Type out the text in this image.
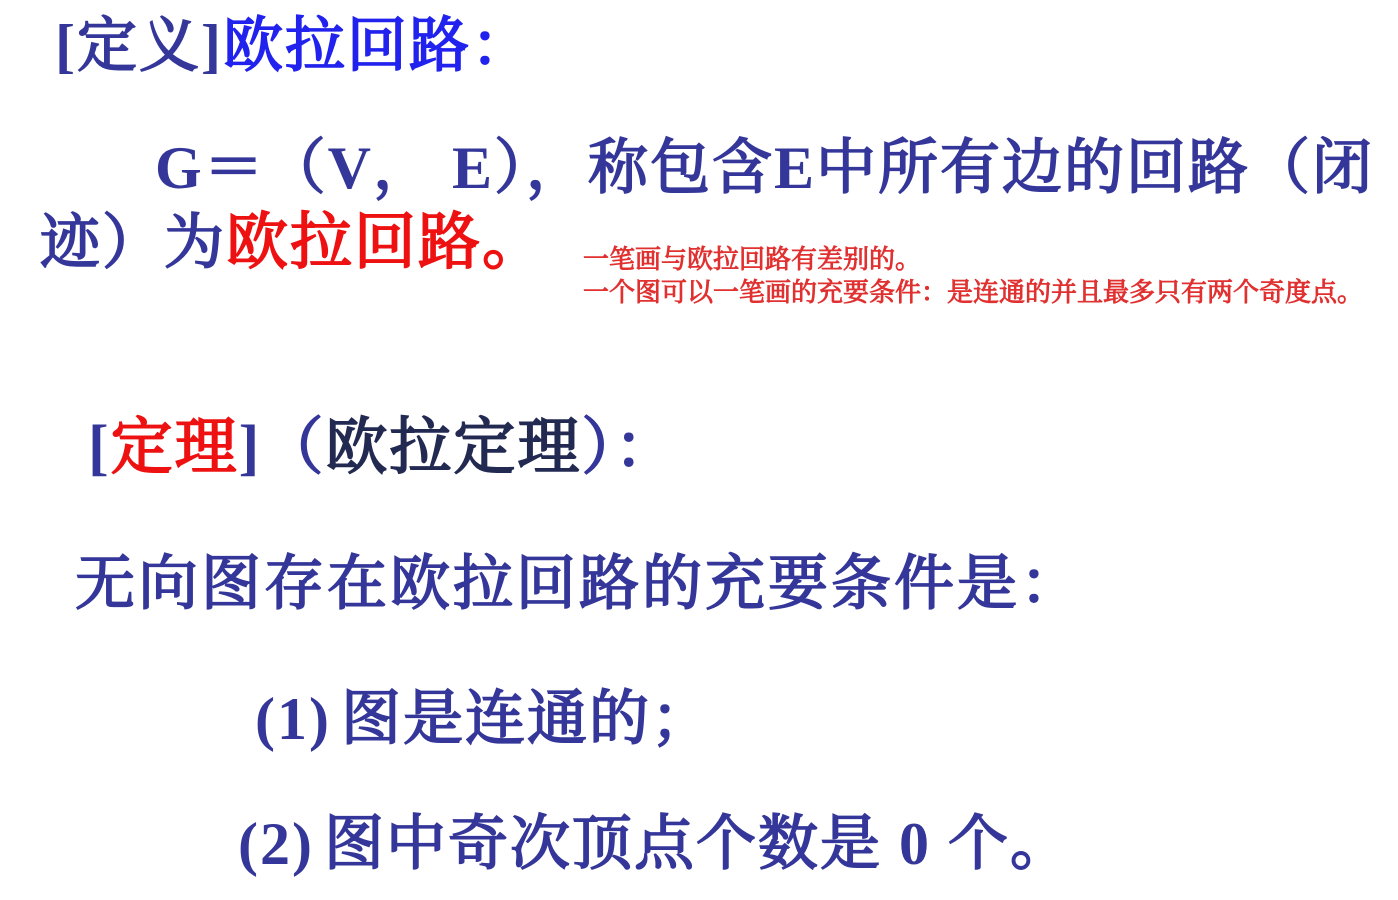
[定义]欧拉回路：
G＝（V， E），称包含E中所有边的回路（闭
迹）为欧拉回路。 一笔画与欧拉回路有差别的。
一个图可以一笔画的充要条件：是连通的并且最多只有两个奇度点。
[定理]（欧拉定理）：
无向图存在欧拉回路的充要条件是：
(1) 图是连通的；
(2) 图中奇次顶点个数是 0 个。
